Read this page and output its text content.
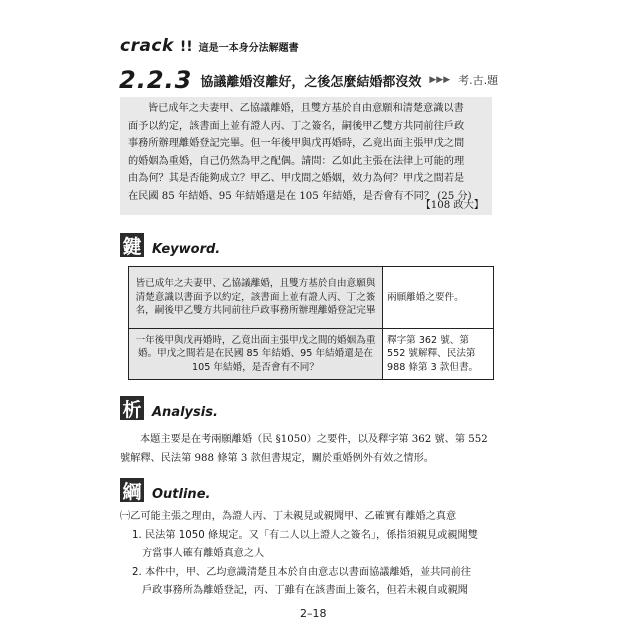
crack !! 這是一本身分法解題書
2.2.3 協議離婚沒離好，之後怎麼結婚都沒效 ▶▶▶ 考.古.題
皆已成年之夫妻甲、乙協議離婚，且雙方基於自由意願和清楚意識以書
面予以約定，該書面上並有證人丙、丁之簽名，嗣後甲乙雙方共同前往戶政
事務所辦理離婚登記完畢。但一年後甲與戊再婚時，乙竟出面主張甲戊之間
的婚姻為重婚，自己仍然為甲之配偶。請問：乙如此主張在法律上可能的理
由為何？其是否能夠成立？甲乙、甲戊間之婚姻，效力為何？甲戊之間若是
在民國 85 年結婚、95 年結婚還是在 105 年結婚，是否會有不同？ (25 分)
【108 政大】
鍵 Keyword.
皆已成年之夫妻甲、乙協議離婚，且雙方基於自由意願與清楚意識以書面予以約定，該書面上並有證人丙、丁之簽名，嗣後甲乙雙方共同前往戶政事務所辦理離婚登記完畢	兩願離婚之要件。
一年後甲與戊再婚時，乙竟出面主張甲戊之間的婚姻為重婚。甲戊之間若是在民國 85 年結婚、95 年結婚還是在 105 年結婚，是否會有不同？	釋字第 362 號、第 552 號解釋、民法第 988 條第 3 款但書。
析 Analysis.
本題主要是在考兩願離婚（民 §1050）之要件，以及釋字第 362 號、第 552 號解釋、民法第 988 條第 3 款但書規定，關於重婚例外有效之情形。
綱 Outline.
㈠乙可能主張之理由，為證人丙、丁未親見或親聞甲、乙確實有離婚之真意
1. 民法第 1050 條規定。又「有二人以上證人之簽名」，係指須親見或親聞雙
方當事人確有離婚真意之人
2. 本件中，甲、乙均意識清楚且本於自由意志以書面協議離婚，並共同前往
戶政事務所為離婚登記，丙、丁雖有在該書面上簽名，但若未親自或親聞
2–18
